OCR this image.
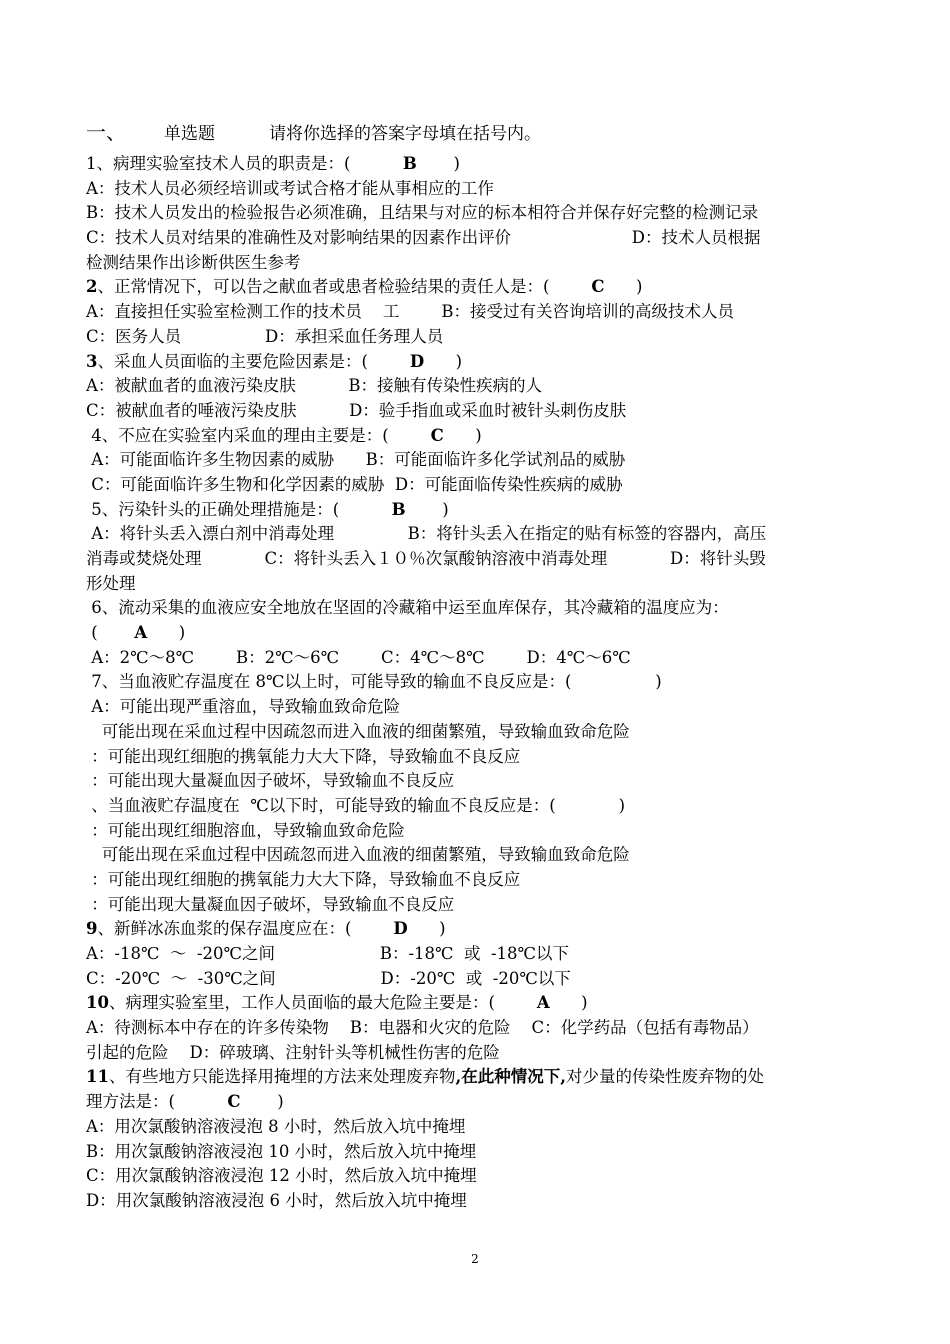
一、 单选题	请将你选择的答案字母填在括号内。
1、病理实验室技术人员的职责是：(          B       )
A：技术人员必须经培训或考试合格才能从事相应的工作
B：技术人员发出的检验报告必须准确，且结果与对应的标本相符合并保存好完整的检测记录
C：技术人员对结果的准确性及对影响结果的因素作出评价                       D：技术人员根据
检测结果作出诊断供医生参考
2、正常情况下，可以告之献血者或患者检验结果的责任人是：(        C      )
A：直接担任实验室检测工作的技术员    工        B：接受过有关咨询培训的高级技术人员
C：医务人员                D：承担采血任务理人员
3、采血人员面临的主要危险因素是：(        D      )
A：被献血者的血液污染皮肤          B：接触有传染性疾病的人
C：被献血者的唾液污染皮肤          D：验手指血或采血时被针头刺伤皮肤
4、不应在实验室内采血的理由主要是：(        C      )
A：可能面临许多生物因素的威胁      B：可能面临许多化学试剂品的威胁
C：可能面临许多生物和化学因素的威胁  D：可能面临传染性疾病的威胁
5、污染针头的正确处理措施是：(          B       )
A：将针头丢入漂白剂中消毒处理              B：将针头丢入在指定的贴有标签的容器内，高压
消毒或焚烧处理            C：将针头丢入１０％次氯酸钠溶液中消毒处理            D：将针头毁
形处理
6、流动采集的血液应安全地放在坚固的冷藏箱中运至血库保存，其冷藏箱的温度应为：
(       A      )
A：2℃～8℃        B：2℃～6℃        C：4℃～8℃        D：4℃～6℃
7、当血液贮存温度在 8℃以上时，可能导致的输血不良反应是：(                )
A：可能出现严重溶血，导致输血致命危险
可能出现在采血过程中因疏忽而进入血液的细菌繁殖，导致输血致命危险
：可能出现红细胞的携氧能力大大下降，导致输血不良反应
：可能出现大量凝血因子破坏，导致输血不良反应
、当血液贮存温度在  ℃以下时，可能导致的输血不良反应是：(            )
：可能出现红细胞溶血，导致输血致命危险
可能出现在采血过程中因疏忽而进入血液的细菌繁殖，导致输血致命危险
：可能出现红细胞的携氧能力大大下降，导致输血不良反应
：可能出现大量凝血因子破坏，导致输血不良反应
9、新鲜冰冻血浆的保存温度应在：(        D      )
A：-18℃  ～  -20℃之间                    B：-18℃  或  -18℃以下
C：-20℃  ～  -30℃之间                    D：-20℃  或  -20℃以下
10、病理实验室里，工作人员面临的最大危险主要是：(        A      )
A：待测标本中存在的许多传染物    B：电器和火灾的危险    C：化学药品（包括有毒物品）
引起的危险    D：碎玻璃、注射针头等机械性伤害的危险
11、有些地方只能选择用掩埋的方法来处理废弃物,在此种情况下,对少量的传染性废弃物的处
理方法是：(          C       )
A：用次氯酸钠溶液浸泡 8 小时，然后放入坑中掩埋
B：用次氯酸钠溶液浸泡 10 小时，然后放入坑中掩埋
C：用次氯酸钠溶液浸泡 12 小时，然后放入坑中掩埋
D：用次氯酸钠溶液浸泡 6 小时，然后放入坑中掩埋
2
